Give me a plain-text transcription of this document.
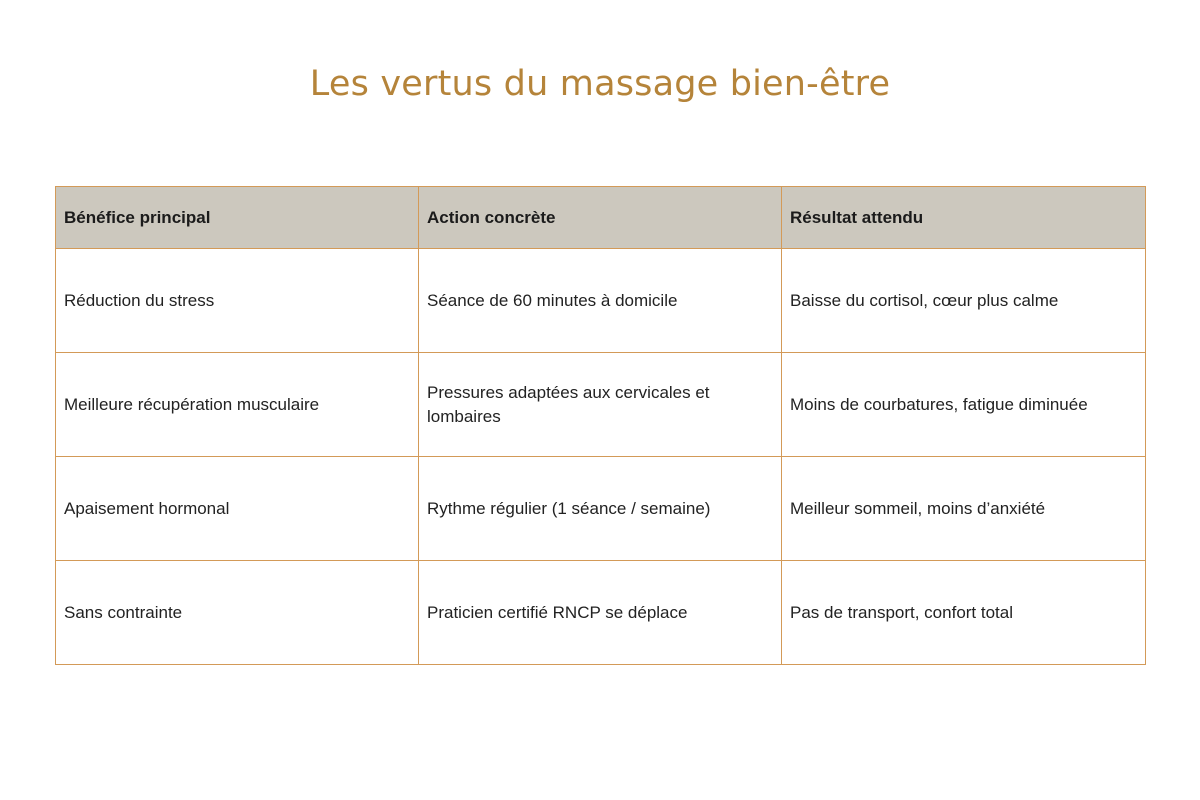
Les vertus du massage bien-être
Bénéfice principal	Action concrète	Résultat attendu
Réduction du stress	Séance de 60 minutes à domicile	Baisse du cortisol, cœur plus calme
Meilleure récupération musculaire	Pressures adaptées aux cervicales et lombaires	Moins de courbatures, fatigue diminuée
Apaisement hormonal	Rythme régulier (1 séance / semaine)	Meilleur sommeil, moins d’anxiété
Sans contrainte	Praticien certifié RNCP se déplace	Pas de transport, confort total
